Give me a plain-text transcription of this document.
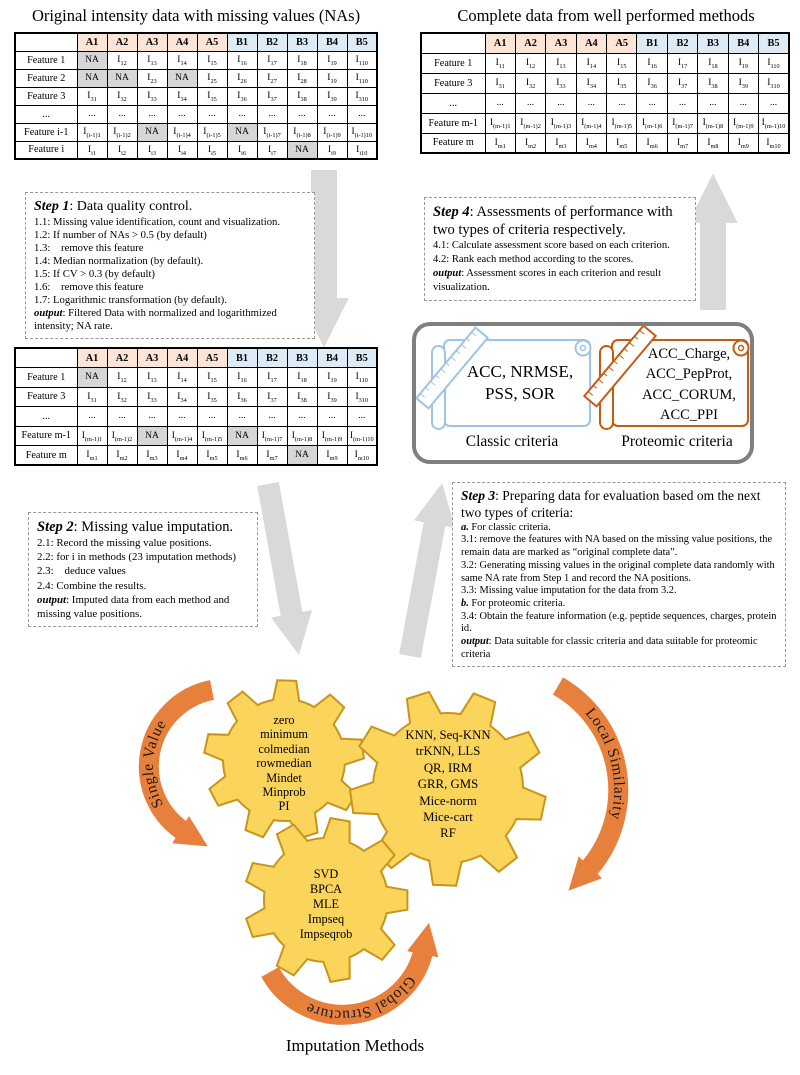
Single Value
Local Similarity
Global Structure
Original intensity data with missing values (NAs)	Complete data from well performed methods
	A1	A2	A3	A4	A5	B1	B2	B3	B4	B5
Feature 1	NA	$I_{12}$	$I_{13}$	$I_{14}$	$I_{15}$	$I_{16}$	$I_{17}$	$I_{18}$	$I_{19}$	$I_{110}$
Feature 2	NA	NA	$I_{23}$	NA	$I_{25}$	$I_{26}$	$I_{27}$	$I_{28}$	$I_{19}$	$I_{110}$
Feature 3	$I_{31}$	$I_{32}$	$I_{33}$	$I_{34}$	$I_{35}$	$I_{36}$	$I_{37}$	$I_{38}$	$I_{39}$	$I_{310}$
...	...	...	...	...	...	...	...	...	...	...
Feature i-1	$I_{(i-1)1}$	$I_{(i-1)2}$	NA	$I_{(i-1)4}$	$I_{(i-1)5}$	NA	$I_{(i-1)7}$	$I_{(i-1)8}$	$I_{(i-1)9}$	$I_{(i-1)10}$
Feature i	$I_{i1}$	$I_{i2}$	$I_{i3}$	$I_{i4}$	$I_{i5}$	$I_{i6}$	$I_{i7}$	NA	$I_{i9}$	$I_{i10}$
	A1	A2	A3	A4	A5	B1	B2	B3	B4	B5
Feature 1	$I_{11}$	$I_{12}$	$I_{13}$	$I_{14}$	$I_{15}$	$I_{16}$	$I_{17}$	$I_{18}$	$I_{19}$	$I_{110}$
Feature 3	$I_{31}$	$I_{32}$	$I_{33}$	$I_{34}$	$I_{35}$	$I_{36}$	$I_{37}$	$I_{38}$	$I_{39}$	$I_{310}$
...	...	...	...	...	...	...	...	...	...	...
Feature m-1	$I_{(m-1)1}$	$I_{(m-1)2}$	$I_{(m-1)3}$	$I_{(m-1)4}$	$I_{(m-1)5}$	$I_{(m-1)6}$	$I_{(m-1)7}$	$I_{(m-1)8}$	$I_{(m-1)9}$	$I_{(m-1)10}$
Feature m	$I_{m1}$	$I_{m2}$	$I_{m3}$	$I_{m4}$	$I_{m5}$	$I_{m6}$	$I_{m7}$	$I_{m8}$	$I_{m9}$	$I_{m10}$
	A1	A2	A3	A4	A5	B1	B2	B3	B4	B5
Feature 1	NA	$I_{12}$	$I_{13}$	$I_{14}$	$I_{15}$	$I_{16}$	$I_{17}$	$I_{18}$	$I_{19}$	$I_{110}$
Feature 3	$I_{31}$	$I_{32}$	$I_{33}$	$I_{34}$	$I_{35}$	$I_{36}$	$I_{37}$	$I_{38}$	$I_{39}$	$I_{310}$
...	...	...	...	...	...	...	...	...	...	...
Feature m-1	$I_{(m-1)1}$	$I_{(m-1)2}$	NA	$I_{(m-1)4}$	$I_{(m-1)5}$	NA	$I_{(m-1)7}$	$I_{(m-1)8}$	$I_{(m-1)9}$	$I_{(m-1)10}$
Feature m	$I_{m1}$	$I_{m2}$	$I_{m3}$	$I_{m4}$	$I_{m5}$	$I_{m6}$	$I_{m7}$	NA	$I_{m9}$	$I_{m10}$
Step 1: Data quality control.
1.1: Missing value identification, count and visualization.
1.2: If number of NAs > 0.5 (by default)
1.3:    remove this feature
1.4: Median normalization (by default).
1.5: If CV > 0.3 (by default)
1.6:    remove this feature
1.7: Logarithmic transformation (by default).
output: Filtered Data with normalized and logarithmized intensity; NA rate.
Step 4: Assessments of performance with two types of criteria respectively.
4.1: Calculate assessment score based on each criterion.
4.2: Rank each method according to the scores.
output: Assessment scores in each criterion and result visualization.
Step 2: Missing value imputation.
2.1: Record the missing value positions.
2.2: for i in methods (23 imputation methods)
2.3:    deduce values
2.4: Combine the results.
output: Imputed data from each method and missing value positions.
Step 3: Preparing data for evaluation based om the next two types of criteria:
a. For classic criteria.
3.1: remove the features with NA based on the missing value positions, the remain data are marked as “original complete data”.
3.2: Generating missing values in the original complete data randomly with same NA rate from Step 1 and record the NA positions.
3.3: Missing value imputation for the data from 3.2.
b. For proteomic criteria.
3.4: Obtain the feature information (e.g. peptide sequences, charges, protein id.
output: Data suitable for classic criteria and data suitable for proteomic criteria
ACC, NRMSE,
PSS, SOR
ACC_Charge,
ACC_PepProt,
ACC_CORUM,
ACC_PPI
Classic criteria	Proteomic criteria
zero
minimum
colmedian
rowmedian
Mindet
Minprob
PI
KNN, Seq-KNN
trKNN, LLS
QR, IRM
GRR, GMS
Mice-norm
Mice-cart
RF
SVD
BPCA
MLE
Impseq
Impseqrob
Imputation Methods
